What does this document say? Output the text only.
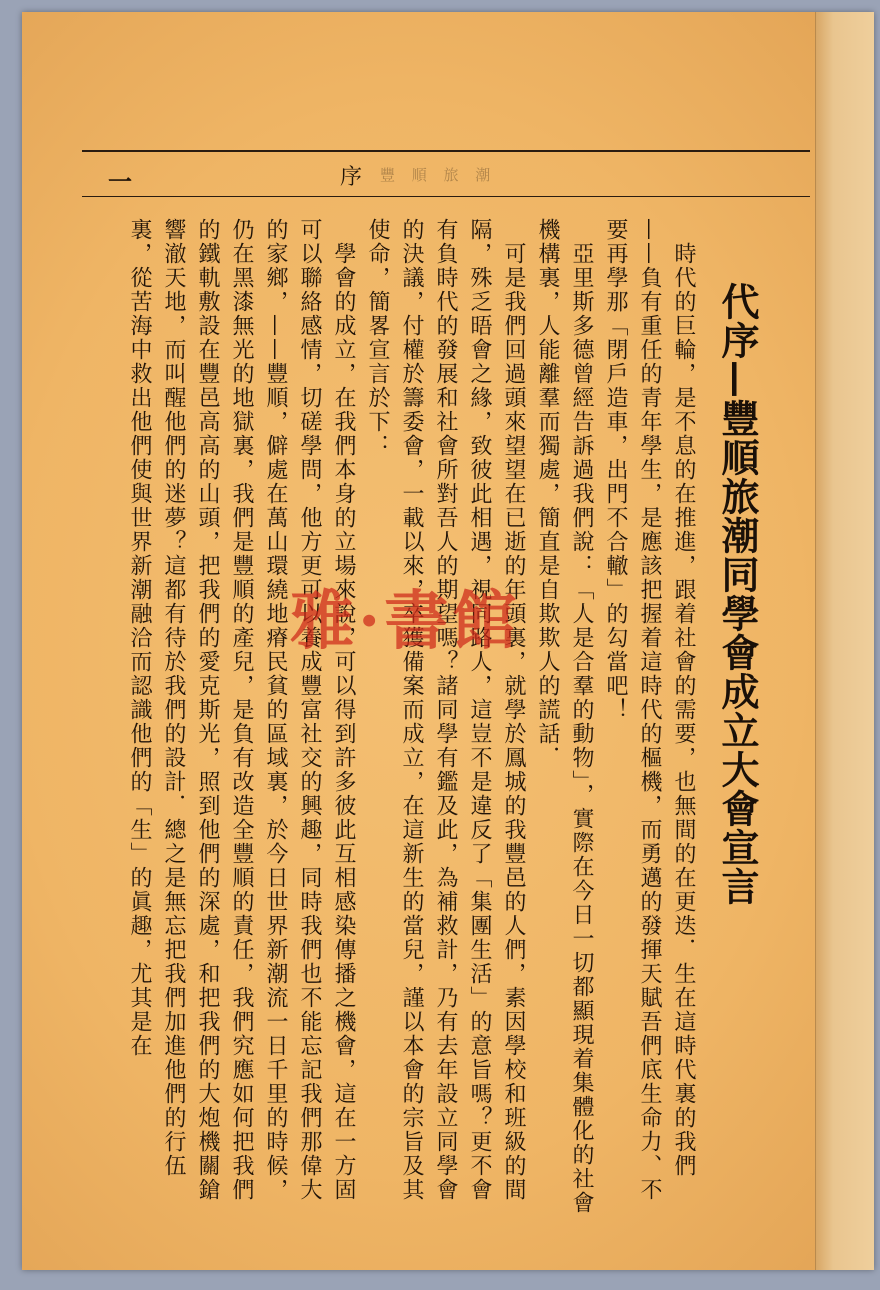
一	序 豐 順 旅 潮
代序—豐順旅潮同學會成立大會宣言
　時代的巨輪，是不息的在推進，跟着社會的需要，也無間的在更迭．生在這時代裏的我們——負有重任的青年學生，是應該把握着這時代的樞機，而勇邁的發揮天賦吾們底生命力、不要再學那「閉戶造車，出門不合轍」的勾當吧！
　亞里斯多德曾經告訴過我們說：「人是合羣的動物」，實際在今日一切都顯現着集體化的社會機構裏，人能離羣而獨處，簡直是自欺欺人的謊話．
　可是我們回過頭來望望在已逝的年頭裏，就學於鳳城的我豐邑的人們，素因學校和班級的間隔，殊乏晤會之緣，致彼此相遇，視同路人，這豈不是違反了「集團生活」的意旨嗎？更不會有負時代的發展和社會所對吾人的期望嗎？諸同學有鑑及此，為補救計，乃有去年設立同學會的決議，付權於籌委會，一載以來，卒獲備案而成立，在這新生的當兒，謹以本會的宗旨及其使命，簡畧宣言於下：
　學會的成立，在我們本身的立場來說，可以得到許多彼此互相感染傳播之機會，這在一方固可以聯絡感情，切磋學問，他方更可以養成豐富社交的興趣，同時我們也不能忘記我們那偉大的家鄉，——豐順，僻處在萬山環繞地瘠民貧的區域裏，於今日世界新潮流一日千里的時候，仍在黑漆無光的地獄裏，我們是豐順的產兒，是負有改造全豐順的責任，我們究應如何把我們的鐵軌敷設在豐邑高高的山頭，把我們的愛克斯光，照到他們的深處，和把我們的大炮機關鎗響澈天地，而叫醒他們的迷夢？這都有待於我們的設計．總之是無忘把我們加進他們的行伍裏，從苦海中救出他們使與世界新潮融洽而認識他們的「生」的眞趣，尤其是在	雅·書館
